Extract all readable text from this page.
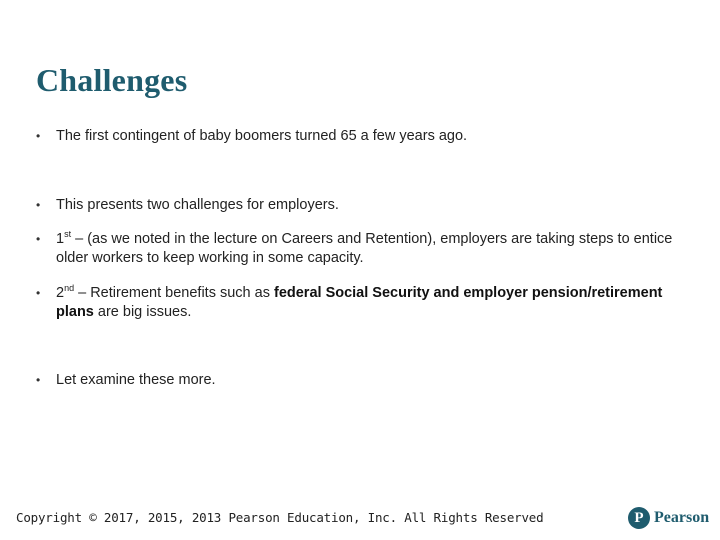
Challenges
• The first contingent of baby boomers turned 65 a few years ago.
• This presents two challenges for employers.
• 1st – (as we noted in the lecture on Careers and Retention), employers are taking steps to entice older workers to keep working in some capacity.
• 2nd – Retirement benefits such as federal Social Security and employer pension/retirement plans are big issues.
• Let examine these more.
Copyright © 2017, 2015, 2013 Pearson Education, Inc. All Rights Reserved	P Pearson
